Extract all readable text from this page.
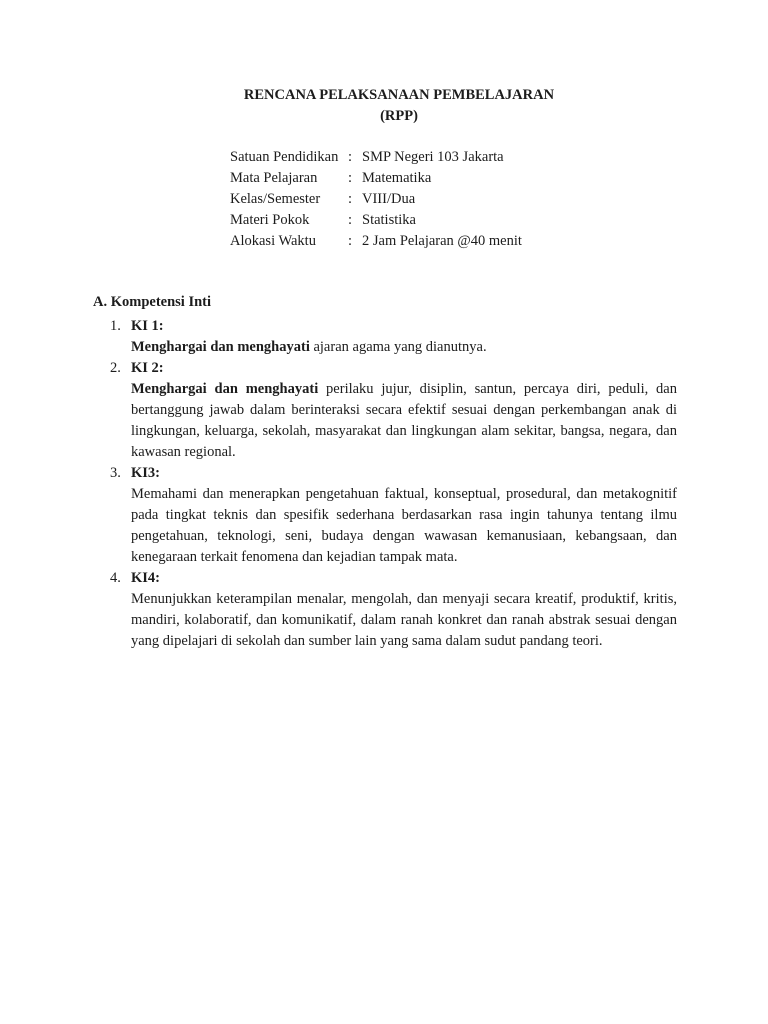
RENCANA PELAKSANAAN PEMBELAJARAN

(RPP)

Satuan Pendidikan : SMP Negeri 103 Jakarta
Mata Pelajaran	: Matematika
Kelas/Semester	: VIII/Dua
Materi Pokok	: Statistika
Alokasi Waktu	: 2 Jam Pelajaran @40 menit

A. Kompetensi Inti

1. KI 1:
Menghargai dan menghayati ajaran agama yang dianutnya.
2. KI 2:
Menghargai dan menghayati perilaku jujur, disiplin, santun, percaya diri, peduli, dan bertanggung jawab dalam berinteraksi secara efektif sesuai dengan perkembangan anak di lingkungan, keluarga, sekolah, masyarakat dan lingkungan alam sekitar, bangsa, negara, dan kawasan regional.
3. KI3:
Memahami dan menerapkan pengetahuan faktual, konseptual, prosedural, dan metakognitif pada tingkat teknis dan spesifik sederhana berdasarkan rasa ingin tahunya tentang ilmu pengetahuan, teknologi, seni, budaya dengan wawasan kemanusiaan, kebangsaan, dan kenegaraan terkait fenomena dan kejadian tampak mata.
4. KI4:
Menunjukkan keterampilan menalar, mengolah, dan menyaji secara kreatif, produktif, kritis, mandiri, kolaboratif, dan komunikatif, dalam ranah konkret dan ranah abstrak sesuai dengan yang dipelajari di sekolah dan sumber lain yang sama dalam sudut pandang teori.
